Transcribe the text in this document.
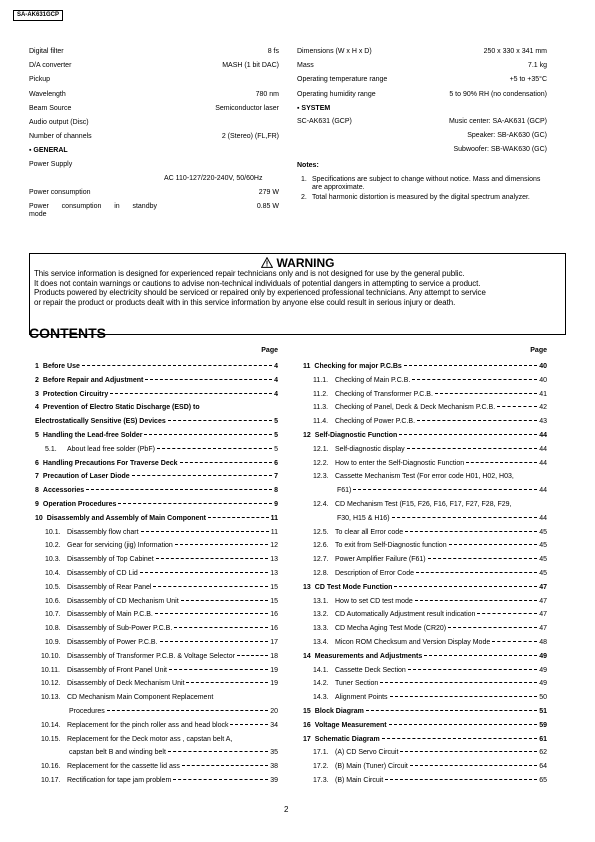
SA-AK631GCP
Digital filter	8 fs
D/A converter	MASH (1 bit DAC)
Pickup
Wavelength	780 nm
Beam Source	Semiconductor laser
Audio output (Disc)
Number of channels	2 (Stereo) (FL,FR)
▪ GENERAL
Power Supply
AC 110-127/220-240V, 50/60Hz
Power consumption	279 W
Power consumption in standby
mode
0.85 W
Dimensions (W x H x D)	250 x 330 x 341 mm
Mass	7.1 kg
Operating temperature range	+5 to +35°C
Operating humidity range	5 to 90% RH (no condensation)
▪ SYSTEM
SC-AK631 (GCP)	Music center: SA-AK631 (GCP)
Speaker: SB-AK630 (GC)
Subwoofer: SB-WAK630 (GC)
Notes:
1. Specifications are subject to change without notice. Mass and dimensions are approximate.
2. Total harmonic distortion is measured by the digital spectrum analyzer.
WARNING
This service information is designed for experienced repair technicians only and is not designed for use by the general public.
It does not contain warnings or cautions to advise non-technical individuals of potential dangers in attempting to service a product.
Products powered by electricity should be serviced or repaired only by experienced professional technicians. Any attempt to service
or repair the product or products dealt with in this service information by anyone else could result in serious injury or death.
CONTENTS
Page
1 Before Use	4
2 Before Repair and Adjustment	4
3 Protection Circuitry	4
4 Prevention of Electro Static Discharge (ESD) to
Electrostatically Sensitive (ES) Devices	5
5 Handling the Lead-free Solder	5
5.1.	About lead free solder (PbF)	5
6 Handling Precautions For Traverse Deck	6
7 Precaution of Laser Diode	7
8 Accessories	8
9 Operation Procedures	9
10 Disassembly and Assembly of Main Component	11
10.1. Disassembly flow chart	11
10.2. Gear for servicing (jig) Information	12
10.3. Disassembly of Top Cabinet	13
10.4. Disassembly of CD Lid	13
10.5. Disassembly of Rear Panel	15
10.6. Disassembly of CD Mechanism Unit	15
10.7. Disassembly of Main P.C.B.	16
10.8. Disassembly of Sub-Power P.C.B.	16
10.9. Disassembly of Power P.C.B.	17
10.10. Disassembly of Transformer P.C.B. & Voltage Selector	18
10.11.	Disassembly of Front Panel Unit	19
10.12. Disassembly of Deck Mechanism Unit	19
10.13. CD Mechanism Main Component Replacement
Procedures	20
10.14. Replacement for the pinch roller ass and head block	34
10.15. Replacement for the Deck motor ass , capstan belt A,
capstan belt B and winding belt	35
10.16. Replacement for the cassette lid ass	38
10.17. Rectification for tape jam problem	39
Page
11 Checking for major P.C.Bs	40
11.1. Checking of Main P.C.B.	40
11.2. Checking of Transformer P.C.B.	41
11.3. Checking of Panel, Deck & Deck Mechanism P.C.B.	42
11.4. Checking of Power P.C.B.	43
12 Self-Diagnostic Function	44
12.1. Self-diagnostic display	44
12.2. How to enter the Self-Diagnostic Function	44
12.3. Cassette Mechanism Test (For error code H01, H02, H03,
F61)	44
12.4. CD Mechanism Test (F15, F26, F16, F17, F27, F28, F29,
F30, H15 & H16)	44
12.5. To clear all Error code	45
12.6. To exit from Self-Diagnostic function	45
12.7. Power Amplifier Failure (F61)	45
12.8. Description of Error Code	45
13 CD Test Mode Function	47
13.1. How to set CD test mode	47
13.2. CD Automatically Adjustment result indication	47
13.3. CD Mecha Aging Test Mode (CR20)	47
13.4. Micon ROM Checksum and Version Display Mode	48
14 Measurements and Adjustments	49
14.1. Cassette Deck Section	49
14.2. Tuner Section	49
14.3. Alignment Points	50
15 Block Diagram	51
16 Voltage Measurement	59
17 Schematic Diagram	61
17.1. (A) CD Servo Circuit	62
17.2. (B) Main (Tuner) Circuit	64
17.3. (B) Main Circuit	65
2
